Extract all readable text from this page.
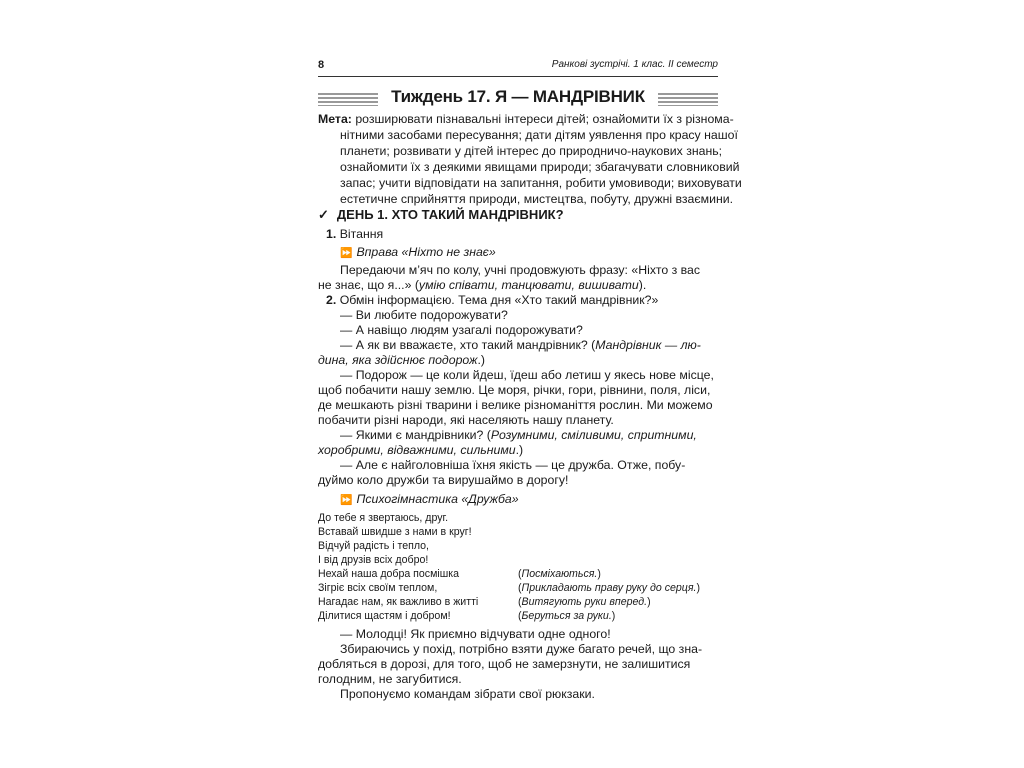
8	Ранкові зустрічі. 1 клас. ІІ семестр
Тиждень 17. Я — МАНДРІВНИК
Мета: розширювати пізнавальні інтереси дітей; ознайомити їх з різнома-
нітними засобами пересування; дати дітям уявлення про красу нашої
планети; розвивати у дітей інтерес до природничо-наукових знань;
ознайомити їх з деякими явищами природи; збагачувати словниковий
запас; учити відповідати на запитання, робити умовиводи; виховувати
естетичне сприйняття природи, мистецтва, побуту, дружні взаємини.
✓ ДЕНЬ 1. ХТО ТАКИЙ МАНДРІВНИК?
1. Вітання
⏩ Вправа «Ніхто не знає»
Передаючи м’яч по колу, учні продовжують фразу: «Ніхто з вас
не знає, що я...» (умію співати, танцювати, вишивати).
2. Обмін інформацією. Тема дня «Хто такий мандрівник?»
— Ви любите подорожувати?
— А навіщо людям узагалі подорожувати?
— А як ви вважаєте, хто такий мандрівник? (Мандрівник — лю-
дина, яка здійснює подорож.)
— Подорож — це коли йдеш, їдеш або летиш у якесь нове місце,
щоб побачити нашу землю. Це моря, річки, гори, рівнини, поля, ліси,
де мешкають різні тварини і велике різноманіття рослин. Ми можемо
побачити різні народи, які населяють нашу планету.
— Якими є мандрівники? (Розумними, сміливими, спритними,
хоробрими, відважними, сильними.)
— Але є найголовніша їхня якість — це дружба. Отже, побу-
дуймо коло дружби та вирушаймо в дорогу!
⏩ Психогімнастика «Дружба»
До тебе я звертаюсь, друг.
Вставай швидше з нами в круг!
Відчуй радість і тепло,
І від друзів всіх добро!
Нехай наша добра посмішка	(Посміхаються.)
Зігріє всіх своїм теплом,	(Прикладають праву руку до серця.)
Нагадає нам, як важливо в житті	(Витягують руки вперед.)
Ділитися щастям і добром!	(Беруться за руки.)
— Молодці! Як приємно відчувати одне одного!
Збираючись у похід, потрібно взяти дуже багато речей, що зна-
добляться в дорозі, для того, щоб не замерзнути, не залишитися
голодним, не загубитися.
Пропонуємо командам зібрати свої рюкзаки.
